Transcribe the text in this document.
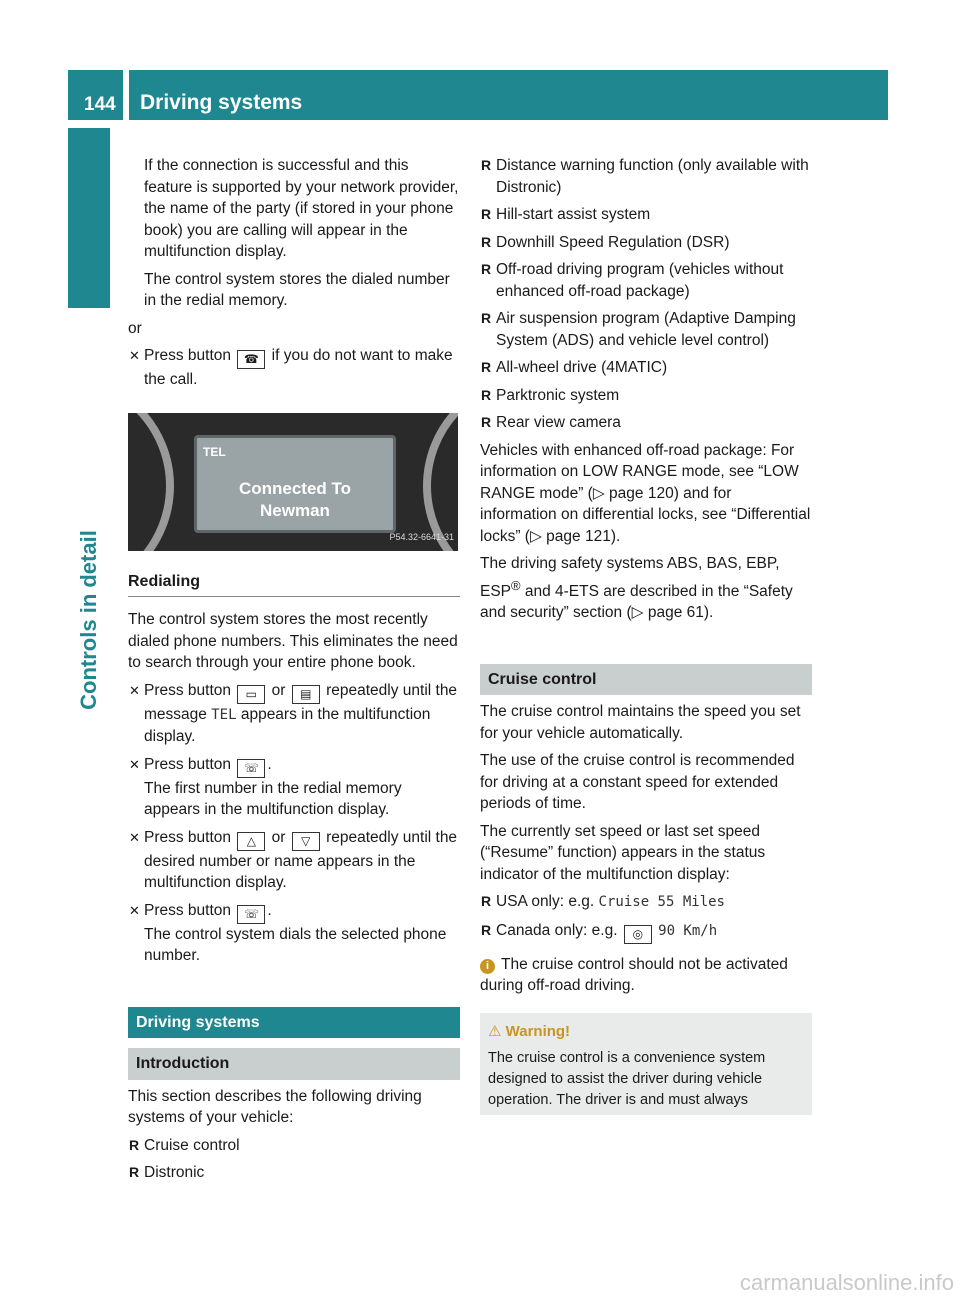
144 Driving systems
Controls in detail

If the connection is successful and this feature is supported by your network provider, the name of the party (if stored in your phone book) you are calling will appear in the multifunction display.

The control system stores the dialed number in the redial memory.

or

✕ Press button ☎ if you do not want to make the call.
TEL
Connected To
Newman
P54.32-6641-31
Redialing

The control system stores the most recently dialed phone numbers. This eliminates the need to search through your entire phone book.

✕ Press button ▭ or ▤ repeatedly until the message TEL appears in the multifunction display.
✕ Press button ☏ .
The first number in the redial memory appears in the multifunction display.
✕ Press button △ or ▽ repeatedly until the desired number or name appears in the multifunction display.
✕ Press button ☏ .
The control system dials the selected phone number.
Driving systems
Introduction

This section describes the following driving systems of your vehicle:

R Cruise control
R Distronic
R Distance warning function (only available with Distronic)
R Hill-start assist system
R Downhill Speed Regulation (DSR)
R Off-road driving program (vehicles without enhanced off-road package)
R Air suspension program (Adaptive Damping System (ADS) and vehicle level control)
R All-wheel drive (4MATIC)
R Parktronic system
R Rear view camera

Vehicles with enhanced off-road package: For information on LOW RANGE mode, see “LOW RANGE mode” (▷ page 120) and for information on differential locks, see “Differential locks” (▷ page 121).

The driving safety systems ABS, BAS, EBP, ESP® and 4-ETS are described in the “Safety and security” section (▷ page 61).

Cruise control

The cruise control maintains the speed you set for your vehicle automatically.

The use of the cruise control is recommended for driving at a constant speed for extended periods of time.

The currently set speed or last set speed (“Resume” function) appears in the status indicator of the multifunction display:

R USA only: e.g. Cruise 55 Miles
R Canada only: e.g. ◎ 90 Km/h

i The cruise control should not be activated during off-road driving.

⚠ Warning!
The cruise control is a convenience system designed to assist the driver during vehicle operation. The driver is and must always
carmanualsonline.info
